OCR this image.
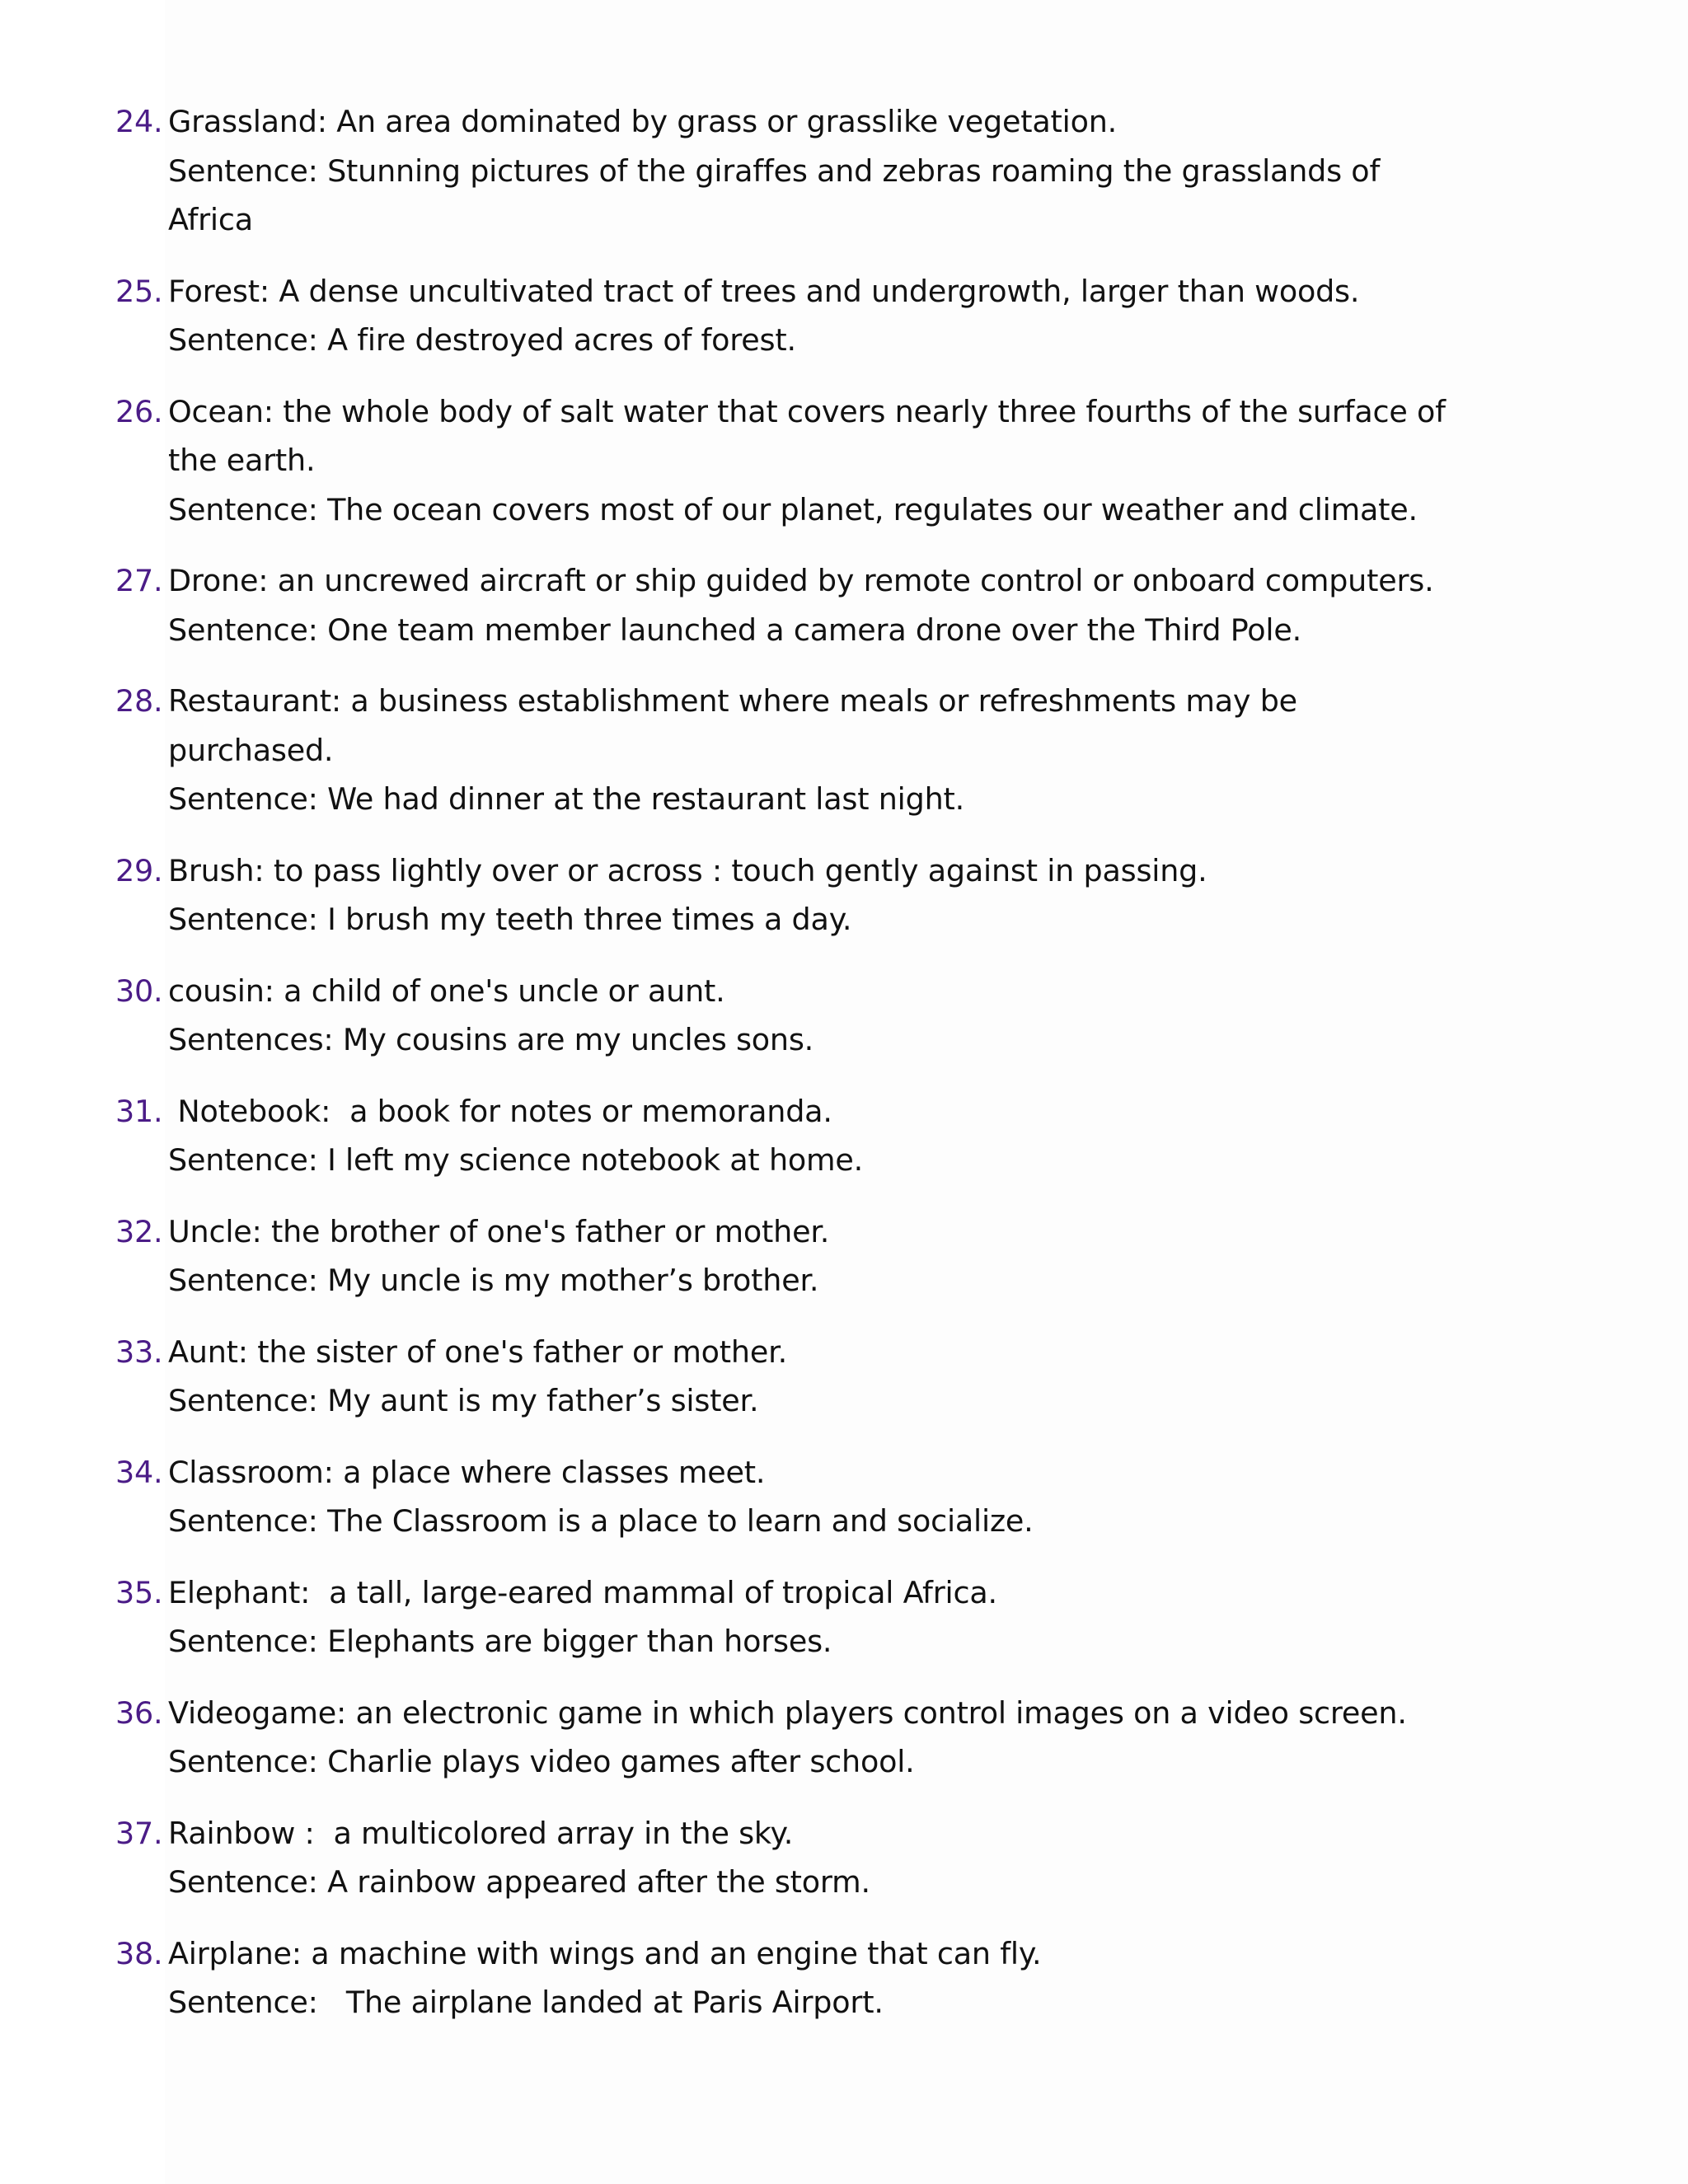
24. Grassland: An area dominated by grass or grasslike vegetation.
Sentence: Stunning pictures of the giraffes and zebras roaming the grasslands of Africa
25. Forest: A dense uncultivated tract of trees and undergrowth, larger than woods.
Sentence: A fire destroyed acres of forest.
26. Ocean: the whole body of salt water that covers nearly three fourths of the surface of the earth.
Sentence: The ocean covers most of our planet, regulates our weather and climate.
27. Drone: an uncrewed aircraft or ship guided by remote control or onboard computers.
Sentence: One team member launched a camera drone over the Third Pole.
28. Restaurant: a business establishment where meals or refreshments may be purchased.
Sentence: We had dinner at the restaurant last night.
29. Brush: to pass lightly over or across : touch gently against in passing.
Sentence: I brush my teeth three times a day.
30. cousin: a child of one's uncle or aunt.
Sentences: My cousins are my uncles sons.
31. Notebook:  a book for notes or memoranda.
Sentence: I left my science notebook at home.
32. Uncle: the brother of one's father or mother.
Sentence: My uncle is my mother’s brother.
33. Aunt: the sister of one's father or mother.
Sentence: My aunt is my father’s sister.
34. Classroom: a place where classes meet.
Sentence: The Classroom is a place to learn and socialize.
35. Elephant:  a tall, large-eared mammal of tropical Africa.
Sentence: Elephants are bigger than horses.
36. Videogame: an electronic game in which players control images on a video screen.
Sentence: Charlie plays video games after school.
37. Rainbow :  a multicolored array in the sky.
Sentence: A rainbow appeared after the storm.
38. Airplane: a machine with wings and an engine that can fly.
Sentence:   The airplane landed at Paris Airport.
